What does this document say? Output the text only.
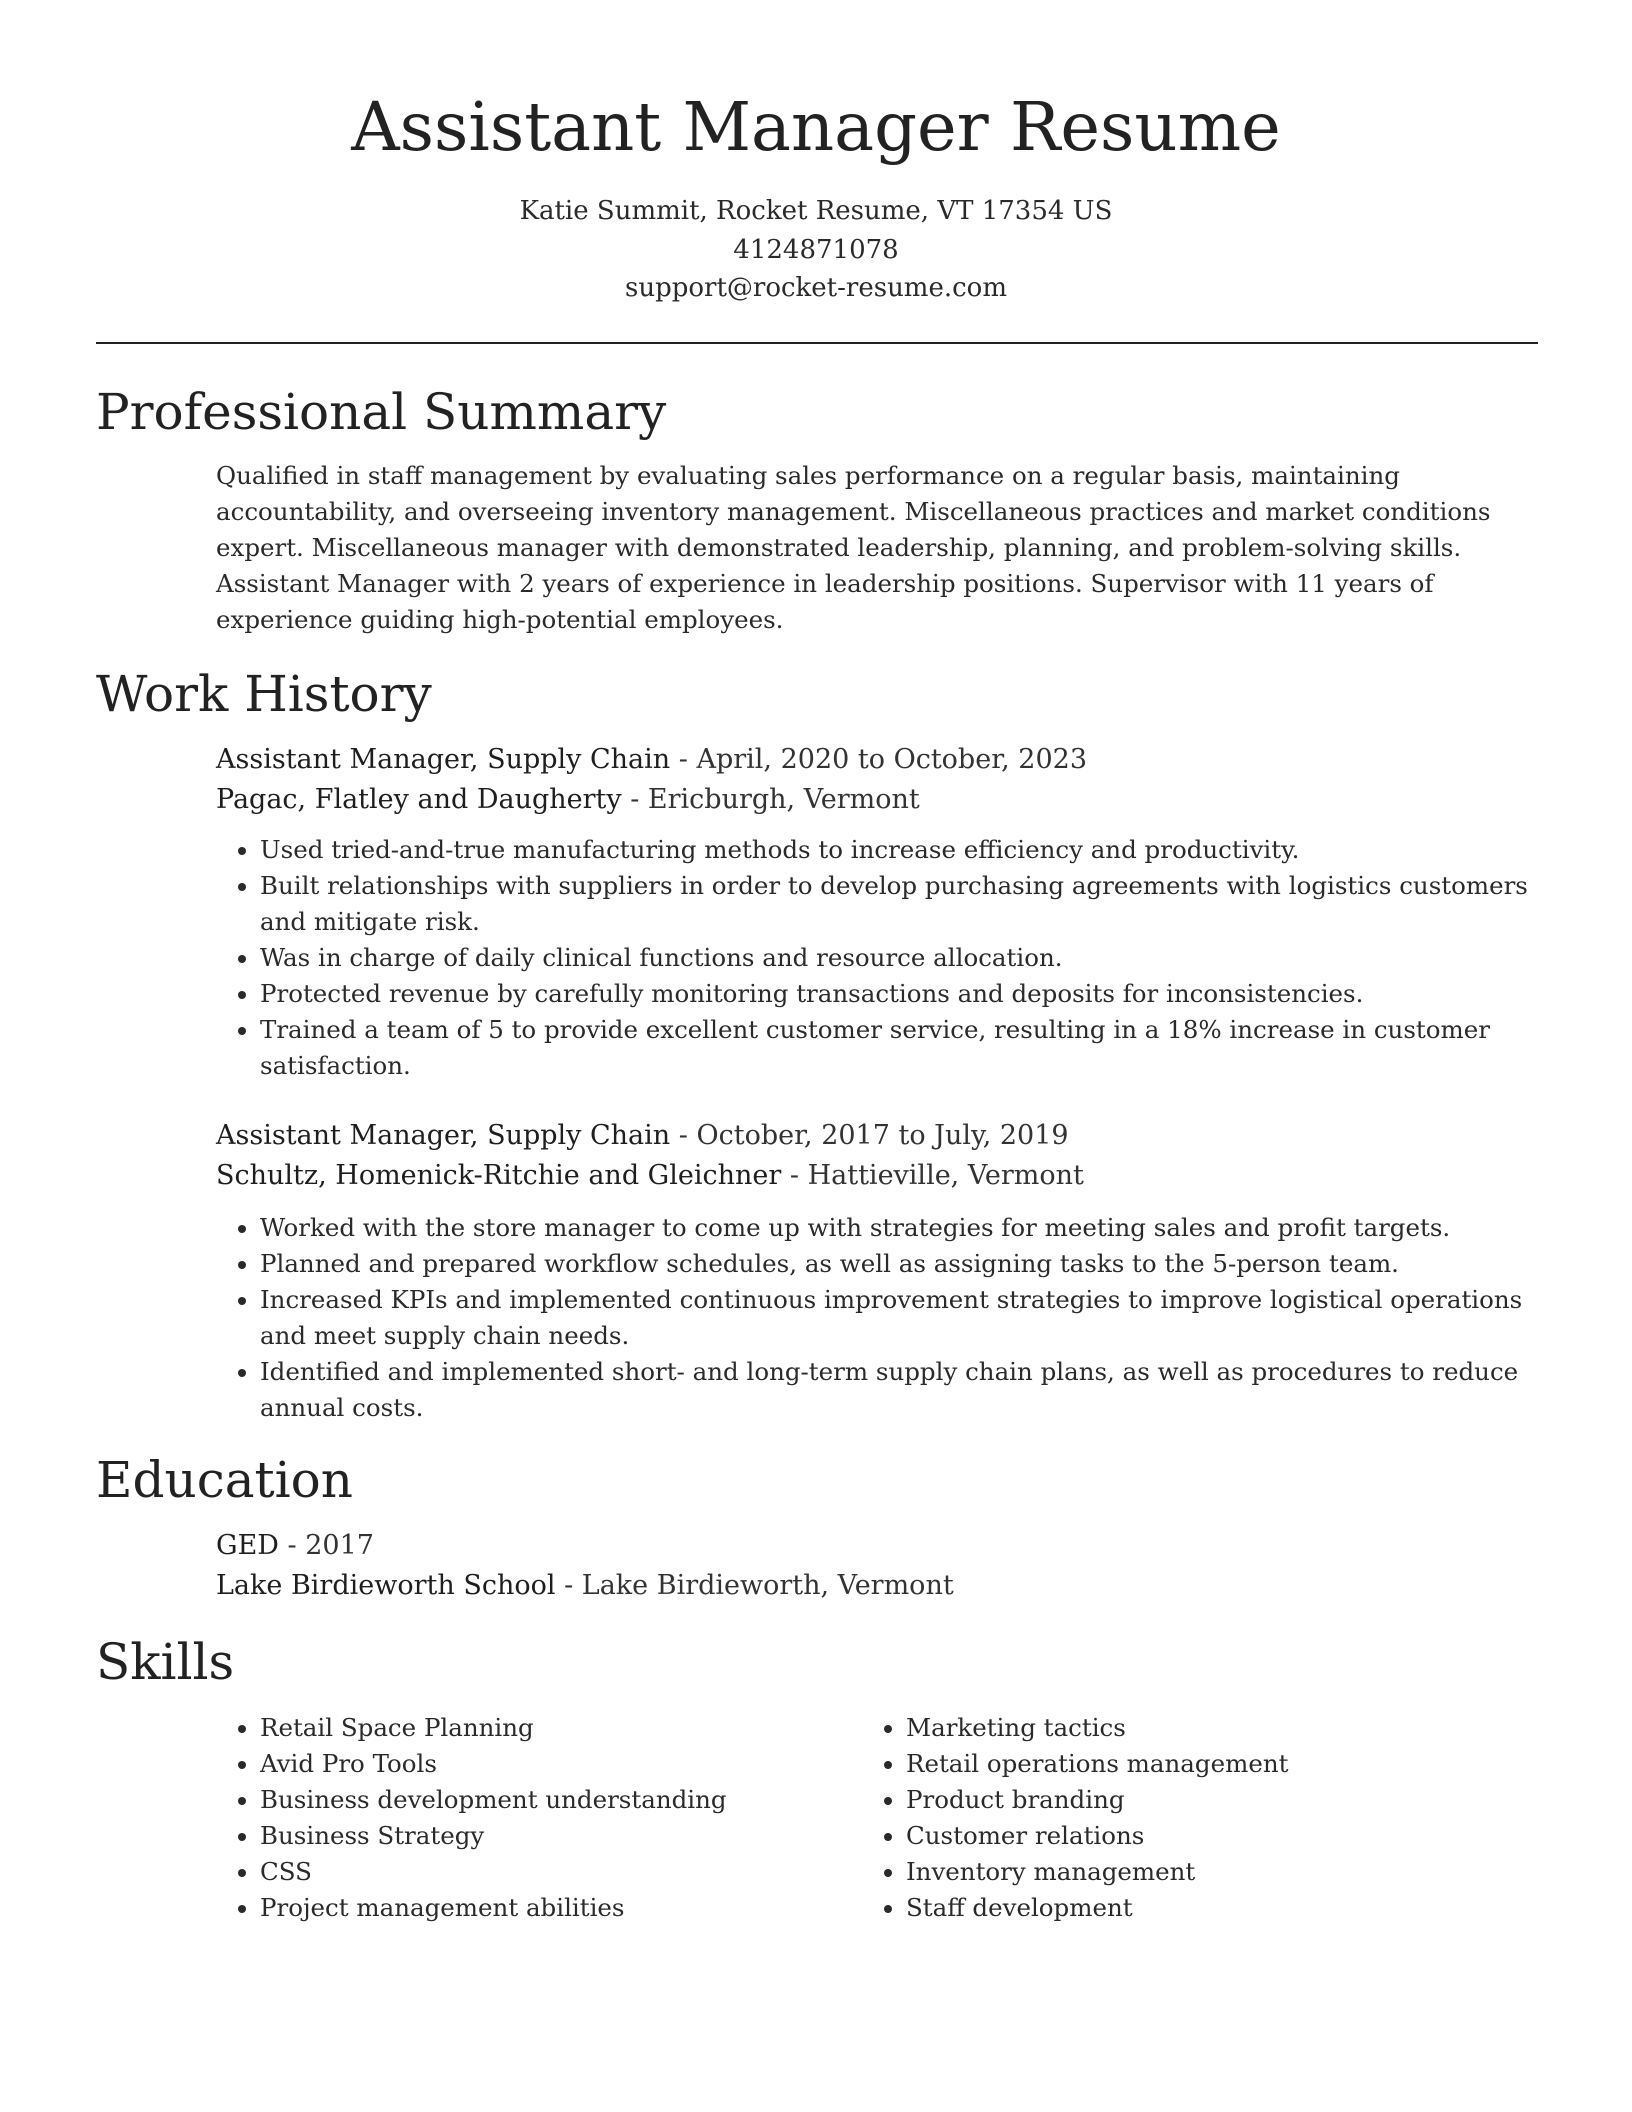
Assistant Manager Resume
Katie Summit, Rocket Resume, VT 17354 US
4124871078
support@rocket-resume.com
Professional Summary

Qualified in staff management by evaluating sales performance on a regular basis, maintaining accountability, and overseeing inventory management. Miscellaneous practices and market conditions expert. Miscellaneous manager with demonstrated leadership, planning, and problem-solving skills. Assistant Manager with 2 years of experience in leadership positions. Supervisor with 11 years of experience guiding high-potential employees.

Work History
Assistant Manager, Supply Chain - April, 2020 to October, 2023
Pagac, Flatley and Daugherty - Ericburgh, Vermont
• Used tried-and-true manufacturing methods to increase efficiency and productivity.
• Built relationships with suppliers in order to develop purchasing agreements with logistics customers and mitigate risk.
• Was in charge of daily clinical functions and resource allocation.
• Protected revenue by carefully monitoring transactions and deposits for inconsistencies.
• Trained a team of 5 to provide excellent customer service, resulting in a 18% increase in customer satisfaction.
Assistant Manager, Supply Chain - October, 2017 to July, 2019
Schultz, Homenick-Ritchie and Gleichner - Hattieville, Vermont
• Worked with the store manager to come up with strategies for meeting sales and profit targets.
• Planned and prepared workflow schedules, as well as assigning tasks to the 5-person team.
• Increased KPIs and implemented continuous improvement strategies to improve logistical operations and meet supply chain needs.
• Identified and implemented short- and long-term supply chain plans, as well as procedures to reduce annual costs.
Education
GED - 2017
Lake Birdieworth School - Lake Birdieworth, Vermont
Skills
• Retail Space Planning
• Avid Pro Tools
• Business development understanding
• Business Strategy
• CSS
• Project management abilities
• Marketing tactics
• Retail operations management
• Product branding
• Customer relations
• Inventory management
• Staff development
